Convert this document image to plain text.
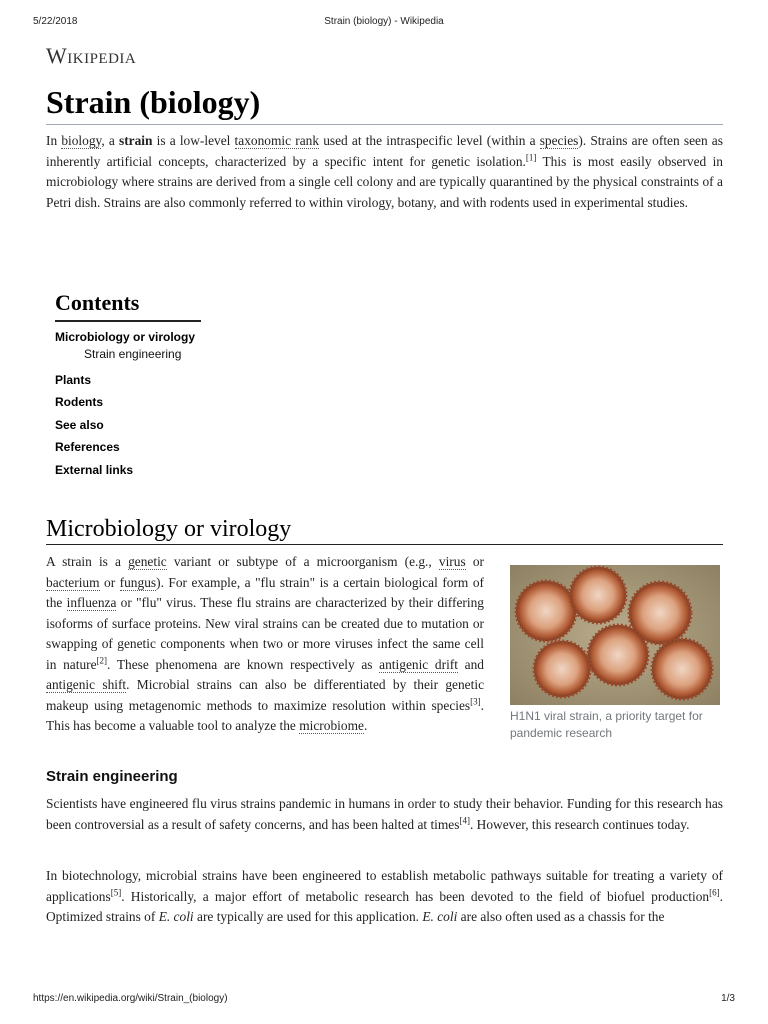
5/22/2018	Strain (biology) - Wikipedia
Wikipedia
Strain (biology)

In biology, a strain is a low-level taxonomic rank used at the intraspecific level (within a species). Strains are often seen as inherently artificial concepts, characterized by a specific intent for genetic isolation.[1] This is most easily observed in microbiology where strains are derived from a single cell colony and are typically quarantined by the physical constraints of a Petri dish. Strains are also commonly referred to within virology, botany, and with rodents used in experimental studies.

Contents
Microbiology or virology
Strain engineering
Plants
Rodents
See also
References
External links
Microbiology or virology

A strain is a genetic variant or subtype of a microorganism (e.g., virus or bacterium or fungus). For example, a "flu strain" is a certain biological form of the influenza or "flu" virus. These flu strains are characterized by their differing isoforms of surface proteins. New viral strains can be created due to mutation or swapping of genetic components when two or more viruses infect the same cell in nature[2]. These phenomena are known respectively as antigenic drift and antigenic shift. Microbial strains can also be differentiated by their genetic makeup using metagenomic methods to maximize resolution within species[3]. This has become a valuable tool to analyze the microbiome.

H1N1 viral strain, a priority target for pandemic research
Strain engineering

Scientists have engineered flu virus strains pandemic in humans in order to study their behavior. Funding for this research has been controversial as a result of safety concerns, and has been halted at times[4]. However, this research continues today.

In biotechnology, microbial strains have been engineered to establish metabolic pathways suitable for treating a variety of applications[5]. Historically, a major effort of metabolic research has been devoted to the field of biofuel production[6]. Optimized strains of E. coli are typically are used for this application. E. coli are also often used as a chassis for the

https://en.wikipedia.org/wiki/Strain_(biology)	1/3
